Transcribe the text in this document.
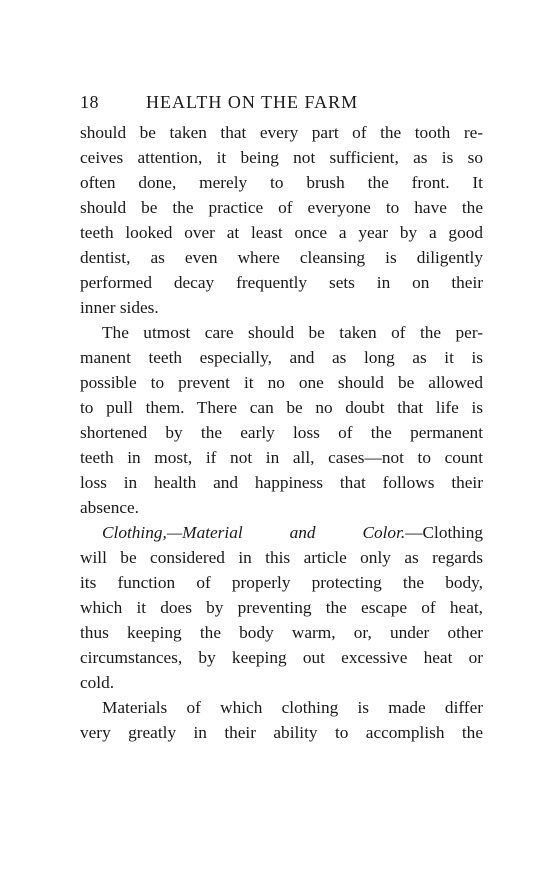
18	HEALTH ON THE FARM
should be taken that every part of the tooth re-
ceives attention, it being not sufficient, as is so
often done, merely to brush the front. It
should be the practice of everyone to have the
teeth looked over at least once a year by a good
dentist, as even where cleansing is diligently
performed decay frequently sets in on their
inner sides.
The utmost care should be taken of the per-
manent teeth especially, and as long as it is
possible to prevent it no one should be allowed
to pull them. There can be no doubt that life is
shortened by the early loss of the permanent
teeth in most, if not in all, cases—not to count
loss in health and happiness that follows their
absence.
Clothing,—Material and Color.—Clothing
will be considered in this article only as regards
its function of properly protecting the body,
which it does by preventing the escape of heat,
thus keeping the body warm, or, under other
circumstances, by keeping out excessive heat or
cold.
Materials of which clothing is made differ
very greatly in their ability to accomplish the
